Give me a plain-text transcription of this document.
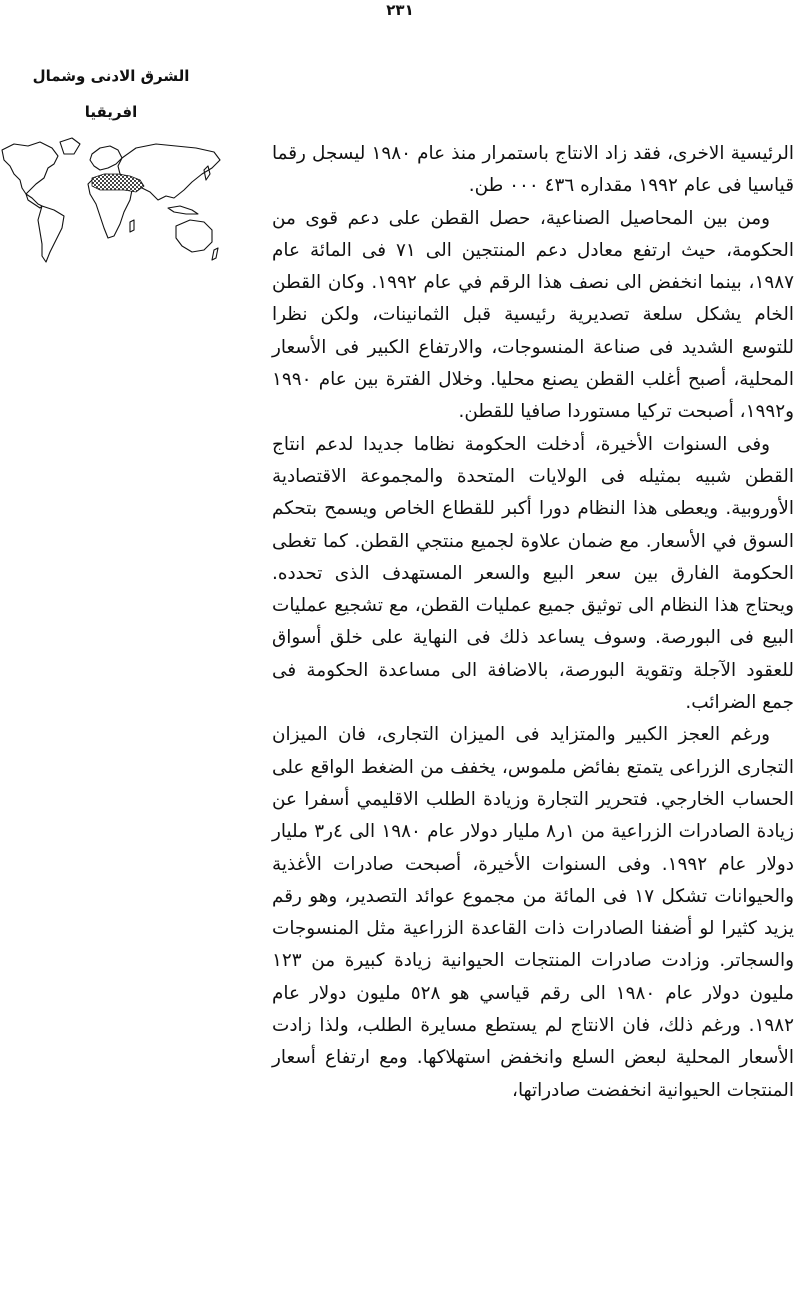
٢٣١
الشرق الادنى وشمال
افريقيا

الرئيسية الاخرى، فقد زاد الانتاج باستمرار منذ عام ١٩٨٠ ليسجل رقما قياسيا فى عام ١٩٩٢ مقداره ٤٣٦ ٠٠٠ طن.

ومن بين المحاصيل الصناعية، حصل القطن على دعم قوى من الحكومة، حيث ارتفع معادل دعم المنتجين الى ٧١ فى المائة عام ١٩٨٧، بينما انخفض الى نصف هذا الرقم في عام ١٩٩٢. وكان القطن الخام يشكل سلعة تصديرية رئيسية قبل الثمانينات، ولكن نظرا للتوسع الشديد فى صناعة المنسوجات، والارتفاع الكبير فى الأسعار المحلية، أصبح أغلب القطن يصنع محليا. وخلال الفترة بين عام ١٩٩٠ و١٩٩٢، أصبحت تركيا مستوردا صافيا للقطن.

وفى السنوات الأخيرة، أدخلت الحكومة نظاما جديدا لدعم انتاج القطن شبيه بمثيله فى الولايات المتحدة والمجموعة الاقتصادية الأوروبية. ويعطى هذا النظام دورا أكبر للقطاع الخاص ويسمح بتحكم السوق في الأسعار. مع ضمان علاوة لجميع منتجي القطن. كما تغطى الحكومة الفارق بين سعر البيع والسعر المستهدف الذى تحدده. ويحتاج هذا النظام الى توثيق جميع عمليات القطن، مع تشجيع عمليات البيع فى البورصة. وسوف يساعد ذلك فى النهاية على خلق أسواق للعقود الآجلة وتقوية البورصة، بالاضافة الى مساعدة الحكومة فى جمع الضرائب.

ورغم العجز الكبير والمتزايد فى الميزان التجارى، فان الميزان التجارى الزراعى يتمتع بفائض ملموس، يخفف من الضغط الواقع على الحساب الخارجي. فتحرير التجارة وزيادة الطلب الاقليمي أسفرا عن زيادة الصادرات الزراعية من ١ر٨ مليار دولار عام ١٩٨٠ الى ٤ر٣ مليار دولار عام ١٩٩٢. وفى السنوات الأخيرة، أصبحت صادرات الأغذية والحيوانات تشكل ١٧ فى المائة من مجموع عوائد التصدير، وهو رقم يزيد كثيرا لو أضفنا الصادرات ذات القاعدة الزراعية مثل المنسوجات والسجاتر. وزادت صادرات المنتجات الحيوانية زيادة كبيرة من ١٢٣ مليون دولار عام ١٩٨٠ الى رقم قياسي هو ٥٢٨ مليون دولار عام ١٩٨٢. ورغم ذلك، فان الانتاج لم يستطع مسايرة الطلب، ولذا زادت الأسعار المحلية لبعض السلع وانخفض استهلاكها. ومع ارتفاع أسعار المنتجات الحيوانية انخفضت صادراتها،
